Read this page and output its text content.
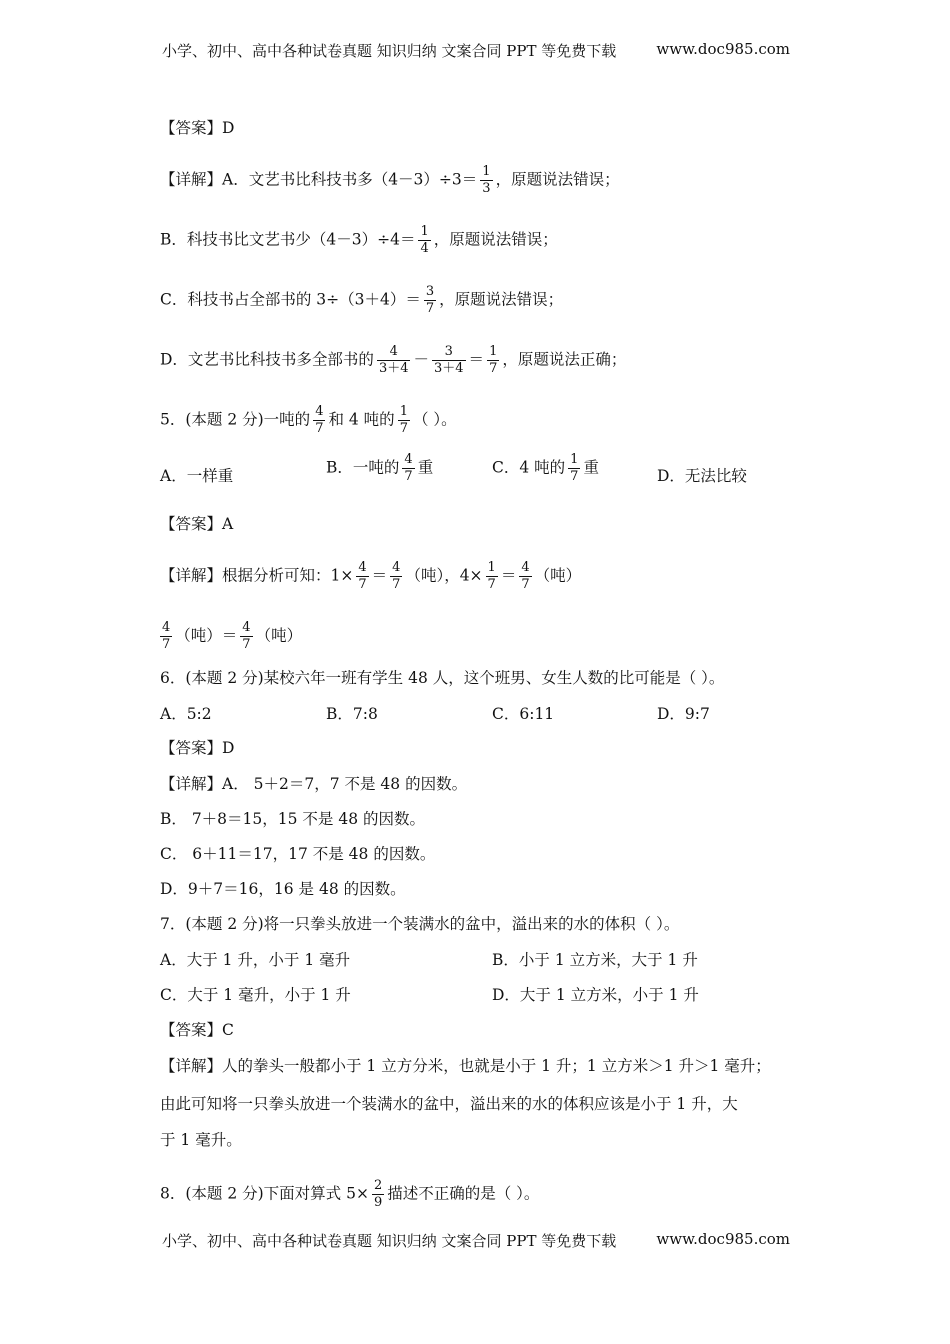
小学、初中、高中各种试卷真题 知识归纳 文案合同 PPT 等免费下载	www.doc985.com
【答案】D
【详解】A．文艺书比科技书多$(4-3)\div 3= \frac{1}{3}$ ，原题说法错误；
B．科技书比文艺书少$(4-3)\div 4= \frac{1}{4}$ ，原题说法错误；
C．科技书占全部书的 $3\div(3+4)= \frac{3}{7}$ ，原题说法错误；
D．文艺书比科技书多全部书的 $\frac{4}{3+4} - \frac{3}{3+4} = \frac{1}{7}$ ，原题说法正确；
5．(本题 2 分)一吨的 $\frac{4}{7}$ 和 4 吨的 $\frac{1}{7}$ （ ）。
A．一样重	B．一吨的 $\frac{4}{7}$ 重	C．4 吨的 $\frac{1}{7}$ 重	D．无法比较
【答案】A
【详解】根据分析可知：$1\times \frac{4}{7} = \frac{4}{7}$ （吨），$4\times \frac{1}{7} = \frac{4}{7}$ （吨）
$\frac{4}{7}$ （吨）＝ $\frac{4}{7}$ （吨）
6．(本题 2 分)某校六年一班有学生 48 人，这个班男、女生人数的比可能是（ ）。
A．5:2	B．7:8	C．6:11	D．9:7
【答案】D
【详解】A． 5＋2＝7，7 不是 48 的因数。
B． 7＋8＝15，15 不是 48 的因数。
C． 6＋11＝17，17 不是 48 的因数。
D．9＋7＝16，16 是 48 的因数。
7．(本题 2 分)将一只拳头放进一个装满水的盆中，溢出来的水的体积（ ）。
A．大于 1 升，小于 1 毫升	B．小于 1 立方米，大于 1 升
C．大于 1 毫升，小于 1 升	D．大于 1 立方米，小于 1 升
【答案】C
【详解】人的拳头一般都小于 1 立方分米，也就是小于 1 升；1 立方米＞1 升＞1 毫升；
由此可知将一只拳头放进一个装满水的盆中，溢出来的水的体积应该是小于 1 升，大
于 1 毫升。
8．(本题 2 分)下面对算式 $5\times \frac{2}{9}$ 描述不正确的是（ ）。
小学、初中、高中各种试卷真题 知识归纳 文案合同 PPT 等免费下载	www.doc985.com
